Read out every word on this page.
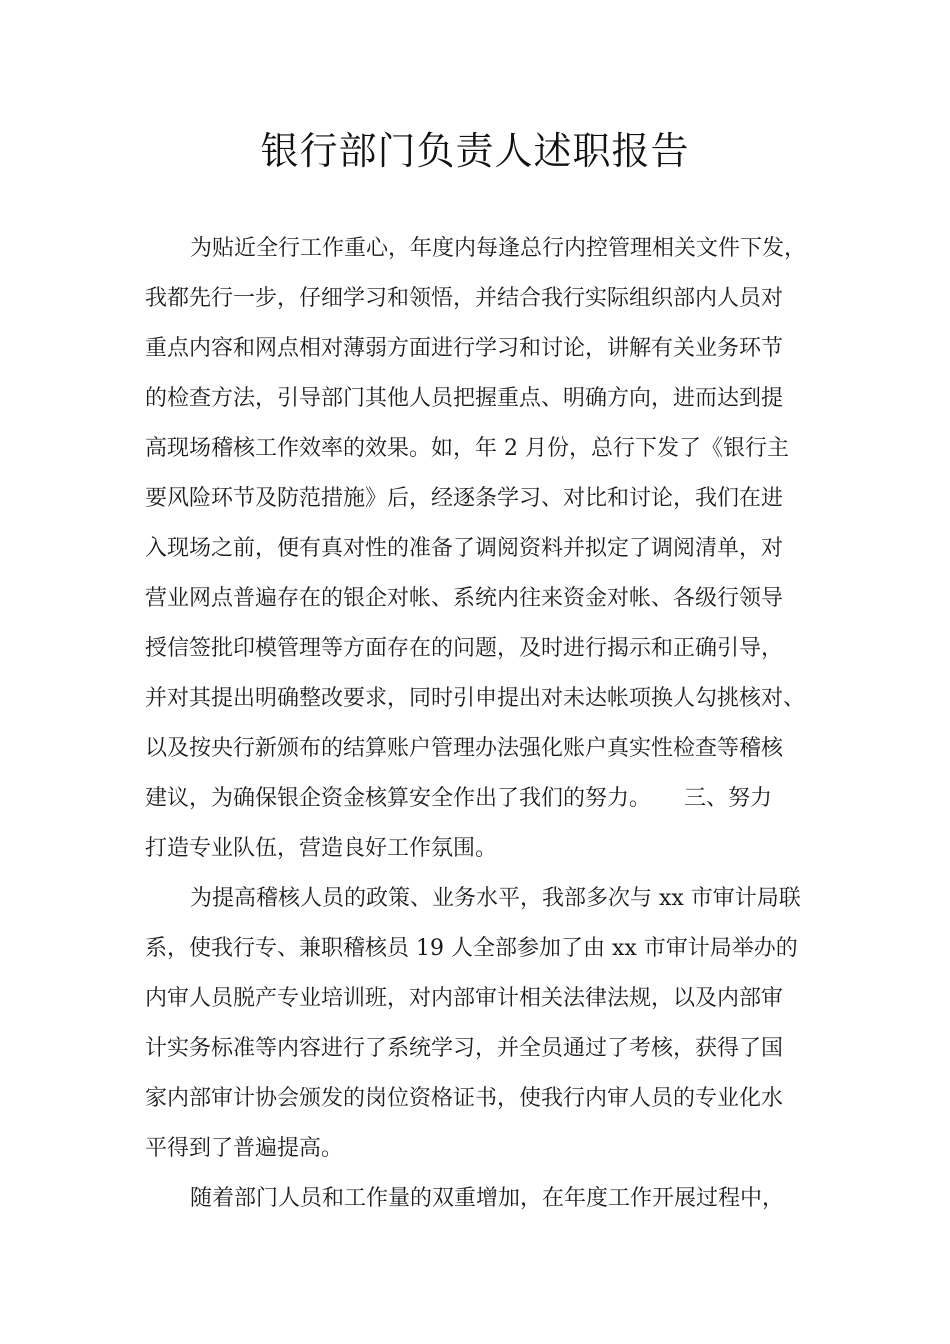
银行部门负责人述职报告
为贴近全行工作重心，年度内每逢总行内控管理相关文件下发，
我都先行一步，仔细学习和领悟，并结合我行实际组织部内人员对
重点内容和网点相对薄弱方面进行学习和讨论，讲解有关业务环节
的检查方法，引导部门其他人员把握重点、明确方向，进而达到提
高现场稽核工作效率的效果。如，年 2 月份，总行下发了《银行主
要风险环节及防范措施》后，经逐条学习、对比和讨论，我们在进
入现场之前，便有真对性的准备了调阅资料并拟定了调阅清单，对
营业网点普遍存在的银企对帐、系统内往来资金对帐、各级行领导
授信签批印模管理等方面存在的问题，及时进行揭示和正确引导，
并对其提出明确整改要求，同时引申提出对未达帐项换人勾挑核对、
以及按央行新颁布的结算账户管理办法强化账户真实性检查等稽核
建议，为确保银企资金核算安全作出了我们的努力。　　三、努力
打造专业队伍，营造良好工作氛围。
为提高稽核人员的政策、业务水平，我部多次与 xx 市审计局联
系，使我行专、兼职稽核员 19 人全部参加了由 xx 市审计局举办的
内审人员脱产专业培训班，对内部审计相关法律法规，以及内部审
计实务标准等内容进行了系统学习，并全员通过了考核，获得了国
家内部审计协会颁发的岗位资格证书，使我行内审人员的专业化水
平得到了普遍提高。
随着部门人员和工作量的双重增加，在年度工作开展过程中，
